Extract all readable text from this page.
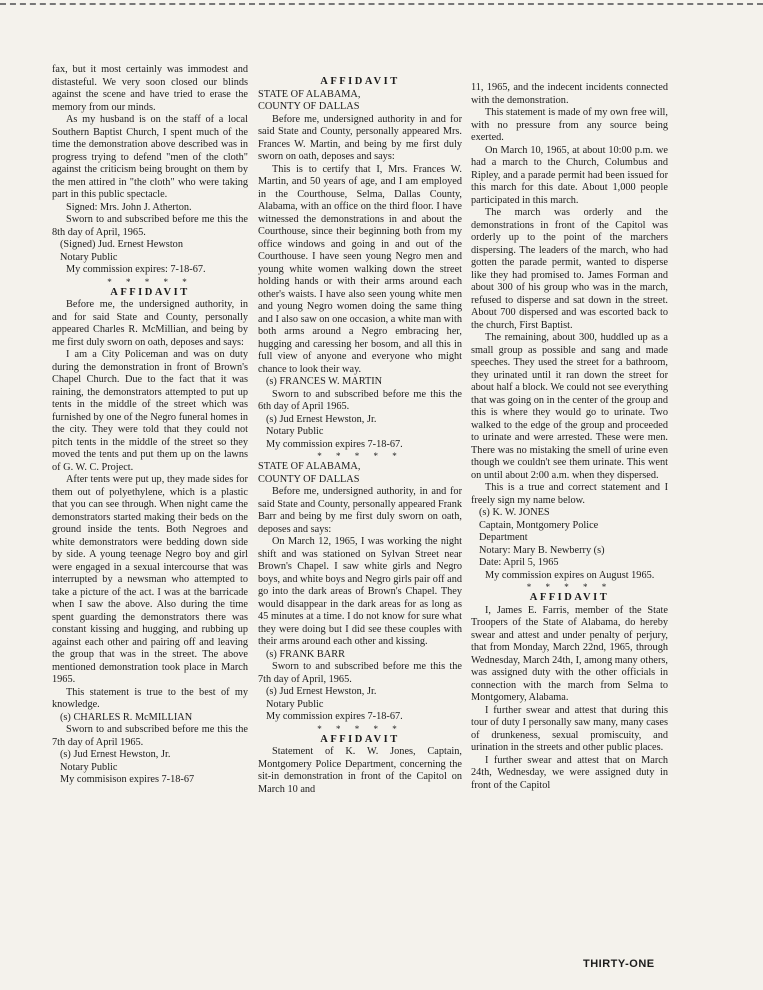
fax, but it most certainly was immodest and distasteful. We very soon closed our blinds against the scene and have tried to erase the memory from our minds.

As my husband is on the staff of a local Southern Baptist Church, I spent much of the time the demonstration above described was in progress trying to defend "men of the cloth" against the criticism being brought on them by the men attired in "the cloth" who were taking part in this public spectacle.

Signed: Mrs. John J. Atherton.

Sworn to and subscribed before me this the 8th day of April, 1965.

(Signed) Jud. Ernest Hewston

Notary Public

My commission expires: 7-18-67.

* * * * *

AFFIDAVIT

Before me, the undersigned authority, in and for said State and County, personally appeared Charles R. McMillian, and being by me first duly sworn on oath, deposes and says:

I am a City Policeman and was on duty during the demonstration in front of Brown's Chapel Church. Due to the fact that it was raining, the demonstrators attempted to put up tents in the middle of the street which was furnished by one of the Negro funeral homes in the city. They were told that they could not pitch tents in the middle of the street so they moved the tents and put them up on the lawns of G. W. C. Project.

After tents were put up, they made sides for them out of polyethylene, which is a plastic that you can see through. When night came the demonstrators started making their beds on the ground inside the tents. Both Negroes and white demonstrators were bedding down side by side. A young teenage Negro boy and girl were engaged in a sexual intercourse that was interrupted by a newsman who attempted to take a picture of the act. I was at the barricade when I saw the above. Also during the time spent guarding the demonstrators there was constant kissing and hugging, and rubbing up against each other and pairing off and leaving the group that was in the street. The above mentioned demonstration took place in March 1965.

This statement is true to the best of my knowledge.

(s) CHARLES R. McMILLIAN

Sworn to and subscribed before me this the 7th day of April 1965.

(s) Jud Ernest Hewston, Jr.

Notary Public

My commisison expires 7-18-67

AFFIDAVIT

STATE OF ALABAMA,

COUNTY OF DALLAS

Before me, undersigned authority in and for said State and County, personally appeared Mrs. Frances W. Martin, and being by me first duly sworn on oath, deposes and says:

This is to certify that I, Mrs. Frances W. Martin, and 50 years of age, and I am employed in the Courthouse, Selma, Dallas County, Alabama, with an office on the third floor. I have witnessed the demonstrations in and about the Courthouse, since their beginning both from my office windows and going in and out of the Courthouse. I have seen young Negro men and young white women walking down the street holding hands or with their arms around each other's waists. I have also seen young white men and young Negro women doing the same thing and I also saw on one occasion, a white man with both arms around a Negro embracing her, hugging and caressing her bosom, and all this in full view of anyone and everyone who might chance to look their way.

(s) FRANCES W. MARTIN

Sworn to and subscribed before me this the 6th day of April 1965.

(s) Jud Ernest Hewston, Jr.

Notary Public

My commission expires 7-18-67.

* * * * *

STATE OF ALABAMA,

COUNTY OF DALLAS

Before me, undersigned authority, in and for said State and County, personally appeared Frank Barr and being by me first duly sworn on oath, deposes and says:

On March 12, 1965, I was working the night shift and was stationed on Sylvan Street near Brown's Chapel. I saw white girls and Negro boys, and white boys and Negro girls pair off and go into the dark areas of Brown's Chapel. They would disappear in the dark areas for as long as 45 minutes at a time. I do not know for sure what they were doing but I did see these couples with their arms around each other and kissing.

(s) FRANK BARR

Sworn to and subscribed before me this the 7th day of April, 1965.

(s) Jud Ernest Hewston, Jr.

Notary Public

My commission expires 7-18-67.

* * * * *

AFFIDAVIT

Statement of K. W. Jones, Captain, Montgomery Police Department, concerning the sit-in demonstration in front of the Capitol on March 10 and

11, 1965, and the indecent incidents connected with the demonstration.

This statement is made of my own free will, with no pressure from any source being exerted.

On March 10, 1965, at about 10:00 p.m. we had a march to the Church, Columbus and Ripley, and a parade permit had been issued for this march for this date. About 1,000 people participated in this march.

The march was orderly and the demonstrations in front of the Capitol was orderly up to the point of the marchers dispersing. The leaders of the march, who had gotten the parade permit, wanted to disperse like they had promised to. James Forman and about 300 of his group who was in the march, refused to disperse and sat down in the street. About 700 dispersed and was escorted back to the church, First Baptist.

The remaining, about 300, huddled up as a small group as possible and sang and made speeches. They used the street for a bathroom, they urinated until it ran down the street for about half a block. We could not see everything that was going on in the center of the group and this is where they would go to urinate. Two walked to the edge of the group and proceeded to urinate and were arrested. These were men. There was no mistaking the smell of urine even though we couldn't see them urinate. This went on until about 2:00 a.m. when they dispersed.

This is a true and correct statement and I freely sign my name below.

(s) K. W. JONES

Captain, Montgomery Police

Department

Notary: Mary B. Newberry (s)

Date: April 5, 1965

My commission expires on August 1965.

* * * * *

AFFIDAVIT

I, James E. Farris, member of the State Troopers of the State of Alabama, do hereby swear and attest and under penalty of perjury, that from Monday, March 22nd, 1965, through Wednesday, March 24th, I, among many others, was assigned duty with the other officials in connection with the march from Selma to Montgomery, Alabama.

I further swear and attest that during this tour of duty I personally saw many, many cases of drunkeness, sexual promiscuity, and urination in the streets and other public places.

I further swear and attest that on March 24th, Wednesday, we were assigned duty in front of the Capitol

THIRTY-ONE
